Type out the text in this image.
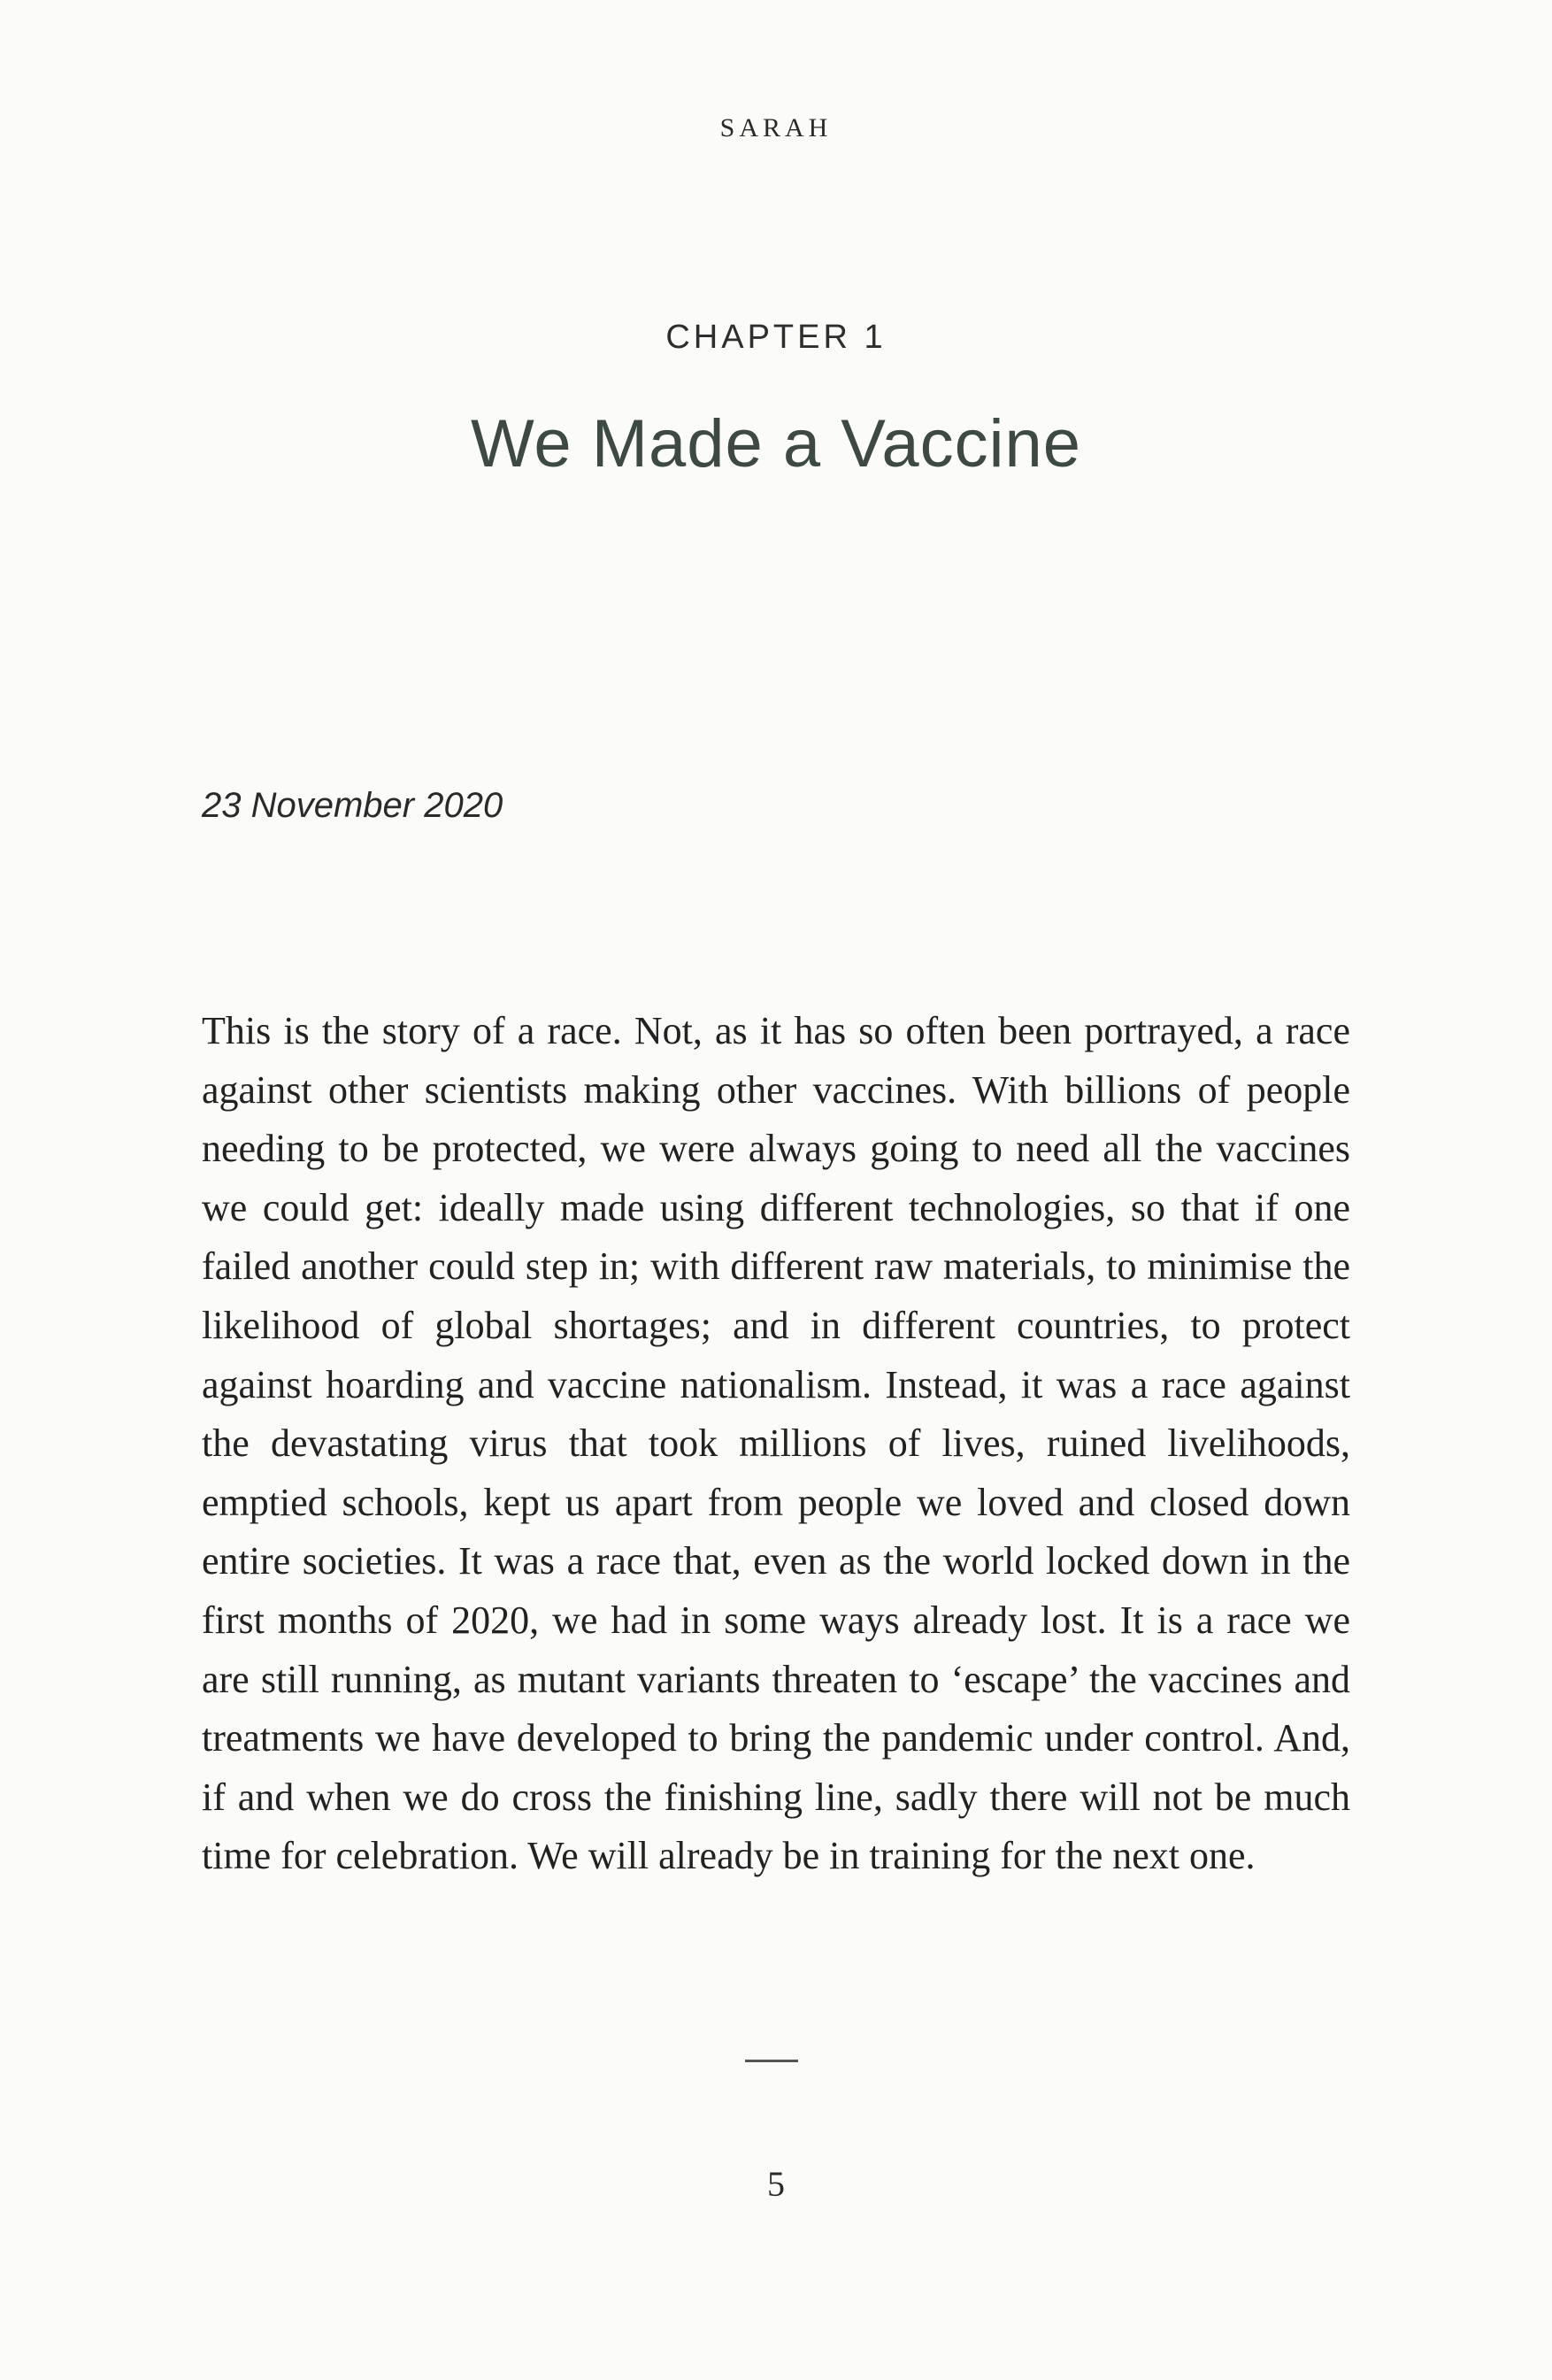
SARAH
CHAPTER 1
We Made a Vaccine
23 November 2020

This is the story of a race. Not, as it has so often been portrayed, a race against other scientists making other vaccines. With billions of people needing to be protected, we were always going to need all the vaccines we could get: ideally made using different technologies, so that if one failed another could step in; with different raw materials, to minimise the likelihood of global shortages; and in different countries, to protect against hoarding and vaccine nationalism. Instead, it was a race against the devastating virus that took millions of lives, ruined livelihoods, emptied schools, kept us apart from people we loved and closed down entire societies. It was a race that, even as the world locked down in the first months of 2020, we had in some ways already lost. It is a race we are still running, as mutant variants threaten to ‘escape’ the vaccines and treatments we have developed to bring the pandemic under control. And, if and when we do cross the finishing line, sadly there will not be much time for celebration. We will already be in training for the next one.

5
